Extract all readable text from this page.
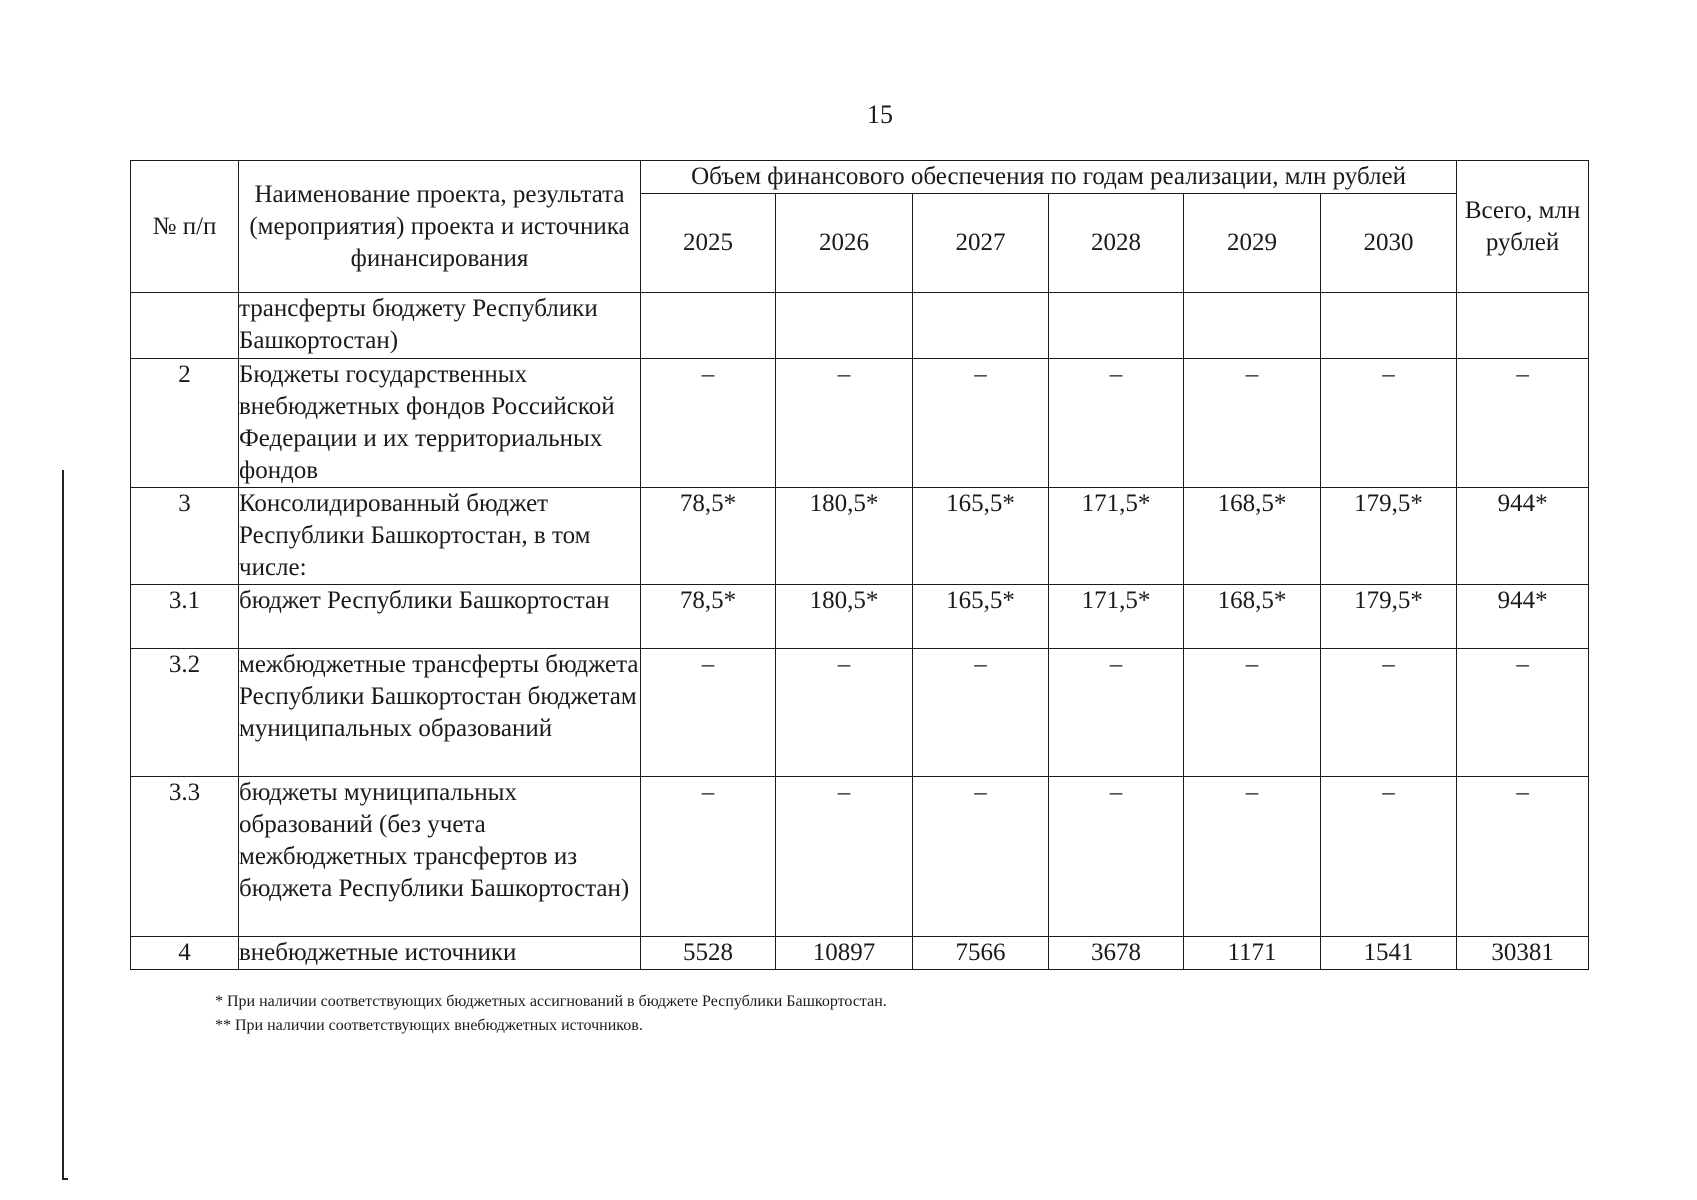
15
№ п/п	Наименование проекта, результата (мероприятия) проекта и источника финансирования	Объем финансового обеспечения по годам реализации, млн рублей						Всего, млн рублей
		2025	2026	2027	2028	2029	2030	
	трансферты бюджету Республики Башкортостан)							
2	Бюджеты государственных внебюджетных фондов Российской Федерации и их территориальных фондов	–	–	–	–	–	–	–
3	Консолидированный бюджет Республики Башкортостан, в том числе:	78,5*	180,5*	165,5*	171,5*	168,5*	179,5*	944*
3.1	бюджет Республики Башкортостан	78,5*	180,5*	165,5*	171,5*	168,5*	179,5*	944*
3.2	межбюджетные трансферты бюджета Республики Башкортостан бюджетам муниципальных образований	–	–	–	–	–	–	–
3.3	бюджеты муниципальных образований (без учета межбюджетных трансфертов из бюджета Республики Башкортостан)	–	–	–	–	–	–	–
4	внебюджетные источники	5528	10897	7566	3678	1171	1541	30381
* При наличии соответствующих бюджетных ассигнований в бюджете Республики Башкортостан.
** При наличии соответствующих внебюджетных источников.
